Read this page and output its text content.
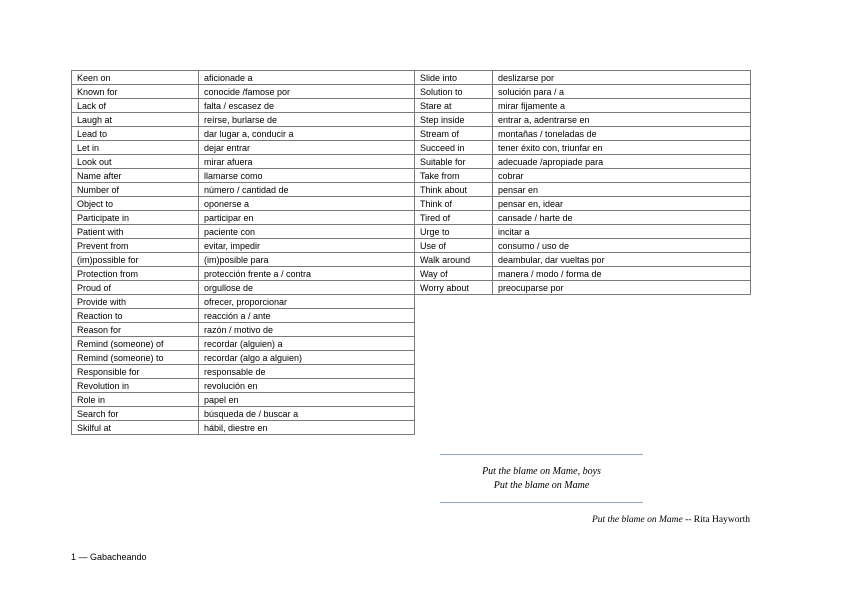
Keen on	aficionade a
Known for	conocide /famose por
Lack of	falta / escasez de
Laugh at	reírse, burlarse de
Lead to	dar lugar a, conducir a
Let in	dejar entrar
Look out	mirar afuera
Name after	llamarse como
Number of	número / cantidad de
Object to	oponerse a
Participate in	participar en
Patient with	paciente con
Prevent from	evitar, impedir
(im)possible for	(im)posible para
Protection from	protección frente a / contra
Proud of	orgullose de
Provide with	ofrecer, proporcionar
Reaction to	reacción a / ante
Reason for	razón / motivo de
Remind (someone) of	recordar (alguien) a
Remind (someone) to	recordar (algo a alguien)
Responsible for	responsable de
Revolution in	revolución en
Role in	papel en
Search for	búsqueda de / buscar a
Skilful at	hábil, diestre en
Slide into	deslizarse por
Solution to	solución para / a
Stare at	mirar fijamente a
Step inside	entrar a, adentrarse en
Stream of	montañas / toneladas de
Succeed in	tener éxito con, triunfar en
Suitable for	adecuade /apropiade para
Take from	cobrar
Think about	pensar en
Think of	pensar en, idear
Tired of	cansade / harte de
Urge to	incitar a
Use of	consumo / uso de
Walk around	deambular, dar vueltas por
Way of	manera / modo / forma de
Worry about	preocuparse por
Put the blame on Mame, boys
Put the blame on Mame
Put the blame on Mame -- Rita Hayworth
1 — Gabacheando
